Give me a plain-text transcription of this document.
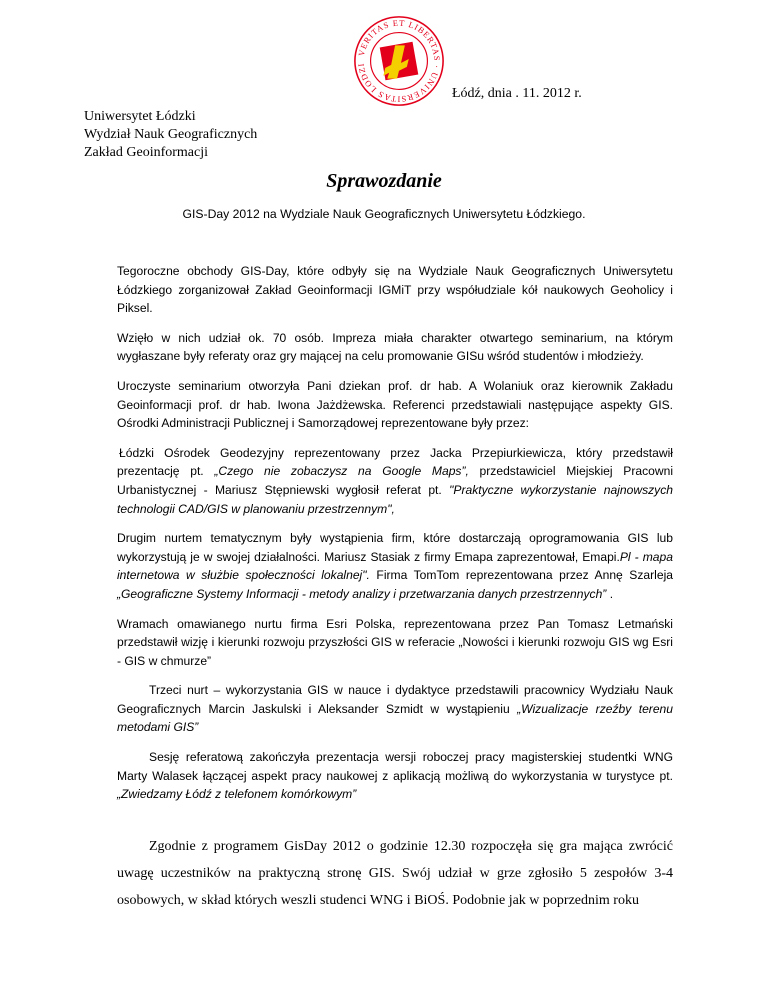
VERITAS ET LIBERTAS · UNIVERSITAS LODZI
Łódź, dnia . 11. 2012 r.
Uniwersytet Łódzki
Wydział Nauk Geograficznych
Zakład Geoinformacji
Sprawozdanie
GIS-Day 2012 na Wydziale Nauk Geograficznych Uniwersytetu Łódzkiego.

Tegoroczne obchody GIS-Day, które odbyły się na Wydziale Nauk Geograficznych Uniwersytetu Łódzkiego zorganizował Zakład Geoinformacji IGMiT przy współudziale kół naukowych Geoholicy i Piksel.

Wzięło w nich udział ok. 70 osób. Impreza miała charakter otwartego seminarium, na którym wygłaszane były referaty oraz gry mającej na celu promowanie GISu wśród studentów i młodzieży.

Uroczyste seminarium otworzyła Pani dziekan prof. dr hab. A Wolaniuk oraz kierownik Zakładu Geoinformacji prof. dr hab. Iwona Jażdżewska. Referenci przedstawiali następujące aspekty GIS. Ośrodki Administracji Publicznej i Samorządowej reprezentowane były przez:

Łódzki Ośrodek Geodezyjny reprezentowany przez Jacka Przepiurkiewicza, który przedstawił prezentację pt. „Czego nie zobaczysz na Google Maps”, przedstawiciel Miejskiej Pracowni Urbanistycznej - Mariusz Stępniewski wygłosił referat pt. "Praktyczne wykorzystanie najnowszych technologii CAD/GIS w planowaniu przestrzennym",

Drugim nurtem tematycznym były wystąpienia firm, które dostarczają oprogramowania GIS lub wykorzystują je w swojej działalności. Mariusz Stasiak z firmy Emapa zaprezentował, Emapi.Pl - mapa internetowa w służbie społeczności lokalnej". Firma TomTom reprezentowana przez Annę Szarleja „Geograficzne Systemy Informacji - metody analizy i przetwarzania danych przestrzennych” .

Wramach omawianego nurtu firma Esri Polska, reprezentowana przez Pan Tomasz Letmański przedstawił wizję i kierunki rozwoju przyszłości GIS w referacie „Nowości i kierunki rozwoju GIS wg Esri - GIS w chmurze”

Trzeci nurt – wykorzystania GIS w nauce i dydaktyce przedstawili pracownicy Wydziału Nauk Geograficznych Marcin Jaskulski i Aleksander Szmidt w wystąpieniu „Wizualizacje rzeźby terenu metodami GIS”

Sesję referatową zakończyła prezentacja wersji roboczej pracy magisterskiej studentki WNG Marty Walasek łączącej aspekt pracy naukowej z aplikacją możliwą do wykorzystania w turystyce pt. „Zwiedzamy Łódź z telefonem komórkowym”

Zgodnie z programem GisDay 2012 o godzinie 12.30 rozpoczęła się gra mająca zwrócić uwagę uczestników na praktyczną stronę GIS. Swój udział w grze zgłosiło 5 zespołów 3-4 osobowych, w skład których weszli studenci WNG i BiOŚ. Podobnie jak w poprzednim roku
